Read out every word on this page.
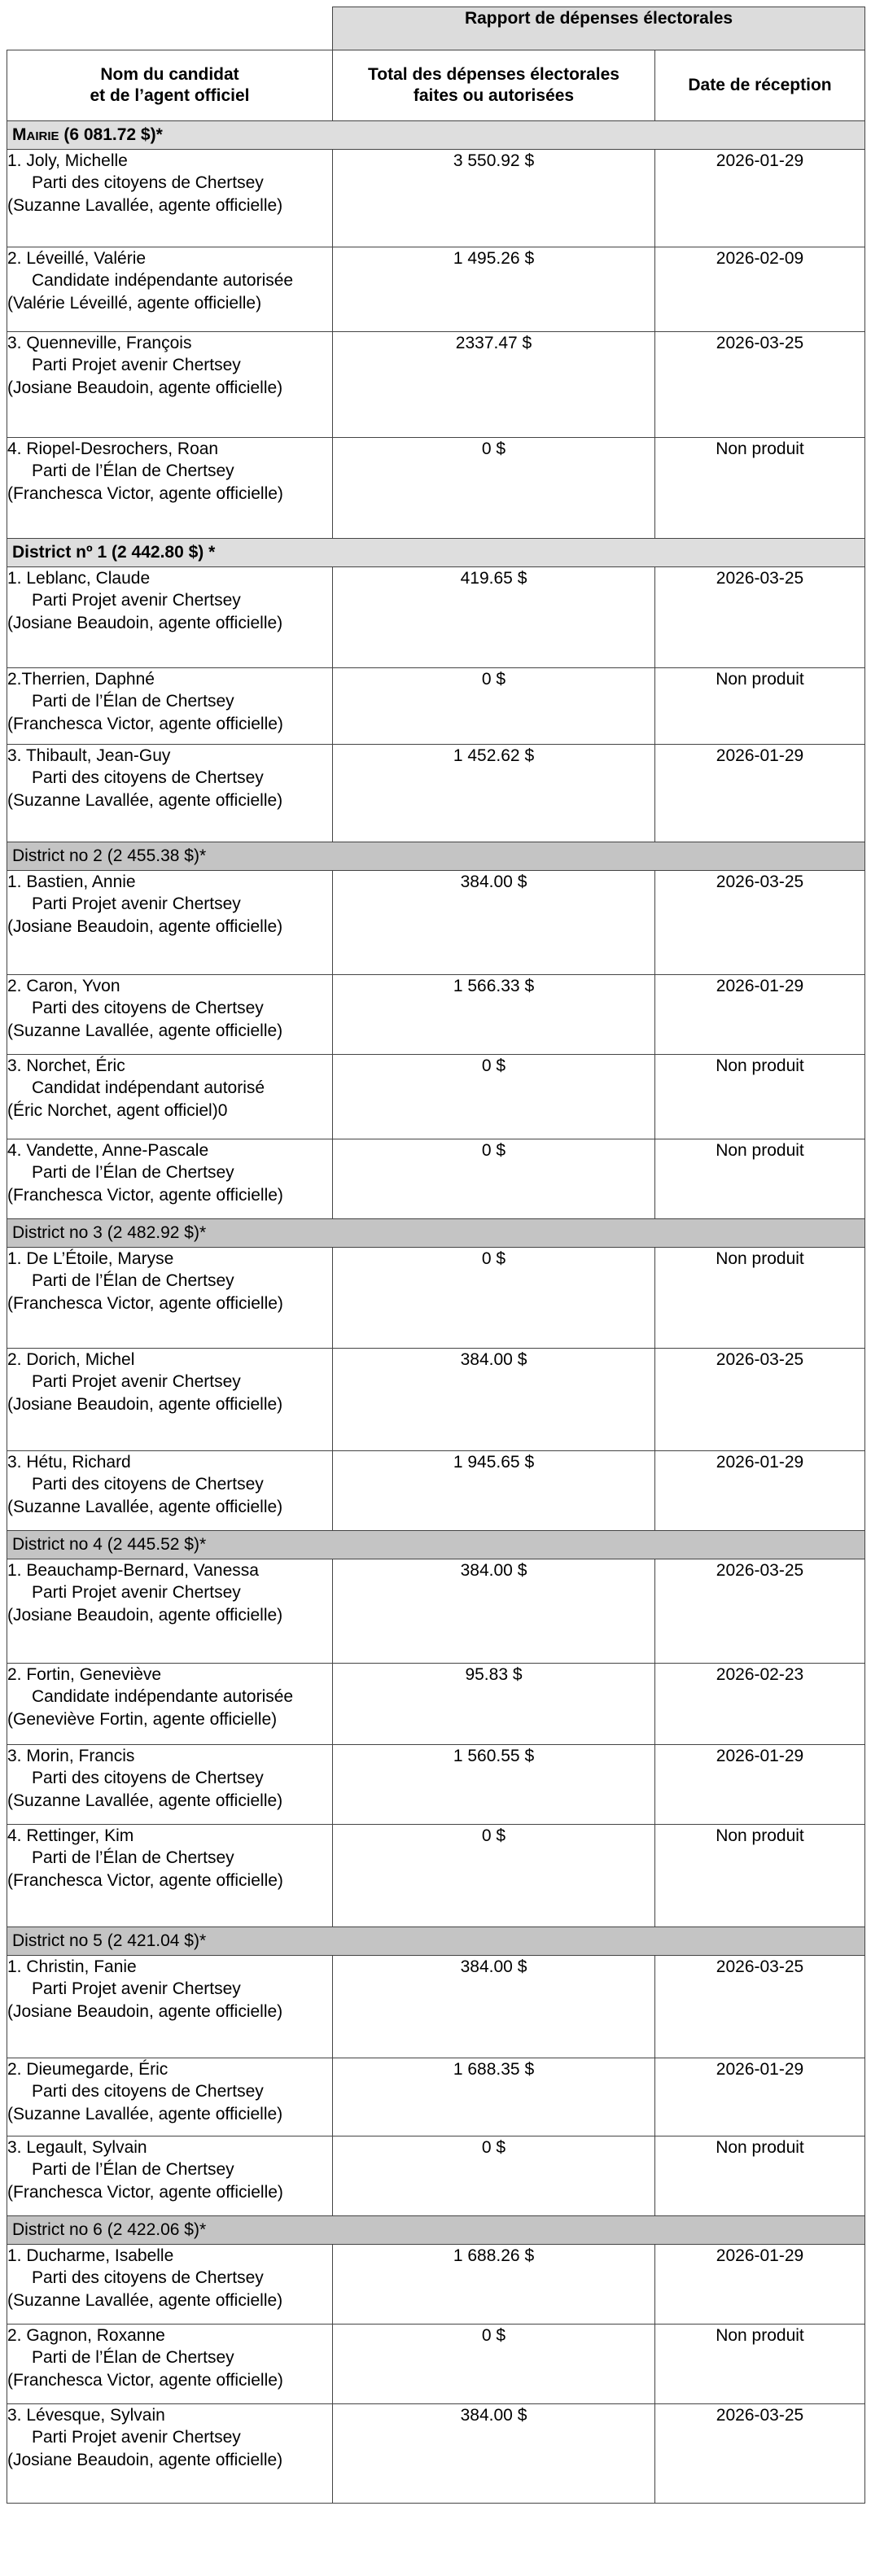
	Rapport de dépenses électorales	
Nom du candidat
et de l’agent officiel	Total des dépenses électorales
faites ou autorisées	Date de réception
Mairie (6 081.72 $)*		

1. Joly, Michelle
Parti des citoyens de Chertsey
(Suzanne Lavallée, agente officielle)	3 550.92 $	2026-01-29

2. Léveillé, Valérie
Candidate indépendante autorisée
(Valérie Léveillé, agente officielle)	1 495.26 $	2026-02-09

3. Quenneville, François
Parti Projet avenir Chertsey
(Josiane Beaudoin, agente officielle)	2337.47 $	2026-03-25

4. Riopel-Desrochers, Roan
Parti de l’Élan de Chertsey
(Franchesca Victor, agente officielle)	0 $	Non produit
District nº 1 (2 442.80 $) *		

1. Leblanc, Claude
Parti Projet avenir Chertsey
(Josiane Beaudoin, agente officielle)	419.65 $	2026-03-25

2.Therrien, Daphné
Parti de l’Élan de Chertsey
(Franchesca Victor, agente officielle)	0 $	Non produit

3. Thibault, Jean-Guy
Parti des citoyens de Chertsey
(Suzanne Lavallée, agente officielle)	1 452.62 $	2026-01-29
District no 2 (2 455.38 $)*		

1. Bastien, Annie
Parti Projet avenir Chertsey
(Josiane Beaudoin, agente officielle)	384.00 $	2026-03-25

2. Caron, Yvon
Parti des citoyens de Chertsey
(Suzanne Lavallée, agente officielle)	1 566.33 $	2026-01-29

3. Norchet, Éric
Candidat indépendant autorisé
(Éric Norchet, agent officiel)0	0 $	Non produit

4. Vandette, Anne-Pascale
Parti de l’Élan de Chertsey
(Franchesca Victor, agente officielle)	0 $	Non produit
District no 3 (2 482.92 $)*		

1. De L’Étoile, Maryse
Parti de l’Élan de Chertsey
(Franchesca Victor, agente officielle)	0 $	Non produit

2. Dorich, Michel
Parti Projet avenir Chertsey
(Josiane Beaudoin, agente officielle)	384.00 $	2026-03-25

3. Hétu, Richard
Parti des citoyens de Chertsey
(Suzanne Lavallée, agente officielle)	1 945.65 $	2026-01-29
District no 4 (2 445.52 $)*		

1. Beauchamp-Bernard, Vanessa
Parti Projet avenir Chertsey
(Josiane Beaudoin, agente officielle)	384.00 $	2026-03-25

2. Fortin, Geneviève
Candidate indépendante autorisée
(Geneviève Fortin, agente officielle)	95.83 $	2026-02-23

3. Morin, Francis
Parti des citoyens de Chertsey
(Suzanne Lavallée, agente officielle)	1 560.55 $	2026-01-29

4. Rettinger, Kim
Parti de l’Élan de Chertsey
(Franchesca Victor, agente officielle)	0 $	Non produit
District no 5 (2 421.04 $)*		

1. Christin, Fanie
Parti Projet avenir Chertsey
(Josiane Beaudoin, agente officielle)	384.00 $	2026-03-25

2. Dieumegarde, Éric
Parti des citoyens de Chertsey
(Suzanne Lavallée, agente officielle)	1 688.35 $	2026-01-29

3. Legault, Sylvain
Parti de l’Élan de Chertsey
(Franchesca Victor, agente officielle)	0 $	Non produit
District no 6 (2 422.06 $)*		

1. Ducharme, Isabelle
Parti des citoyens de Chertsey
(Suzanne Lavallée, agente officielle)	1 688.26 $	2026-01-29

2. Gagnon, Roxanne
Parti de l’Élan de Chertsey
(Franchesca Victor, agente officielle)	0 $	Non produit

3. Lévesque, Sylvain
Parti Projet avenir Chertsey
(Josiane Beaudoin, agente officielle)	384.00 $	2026-03-25
